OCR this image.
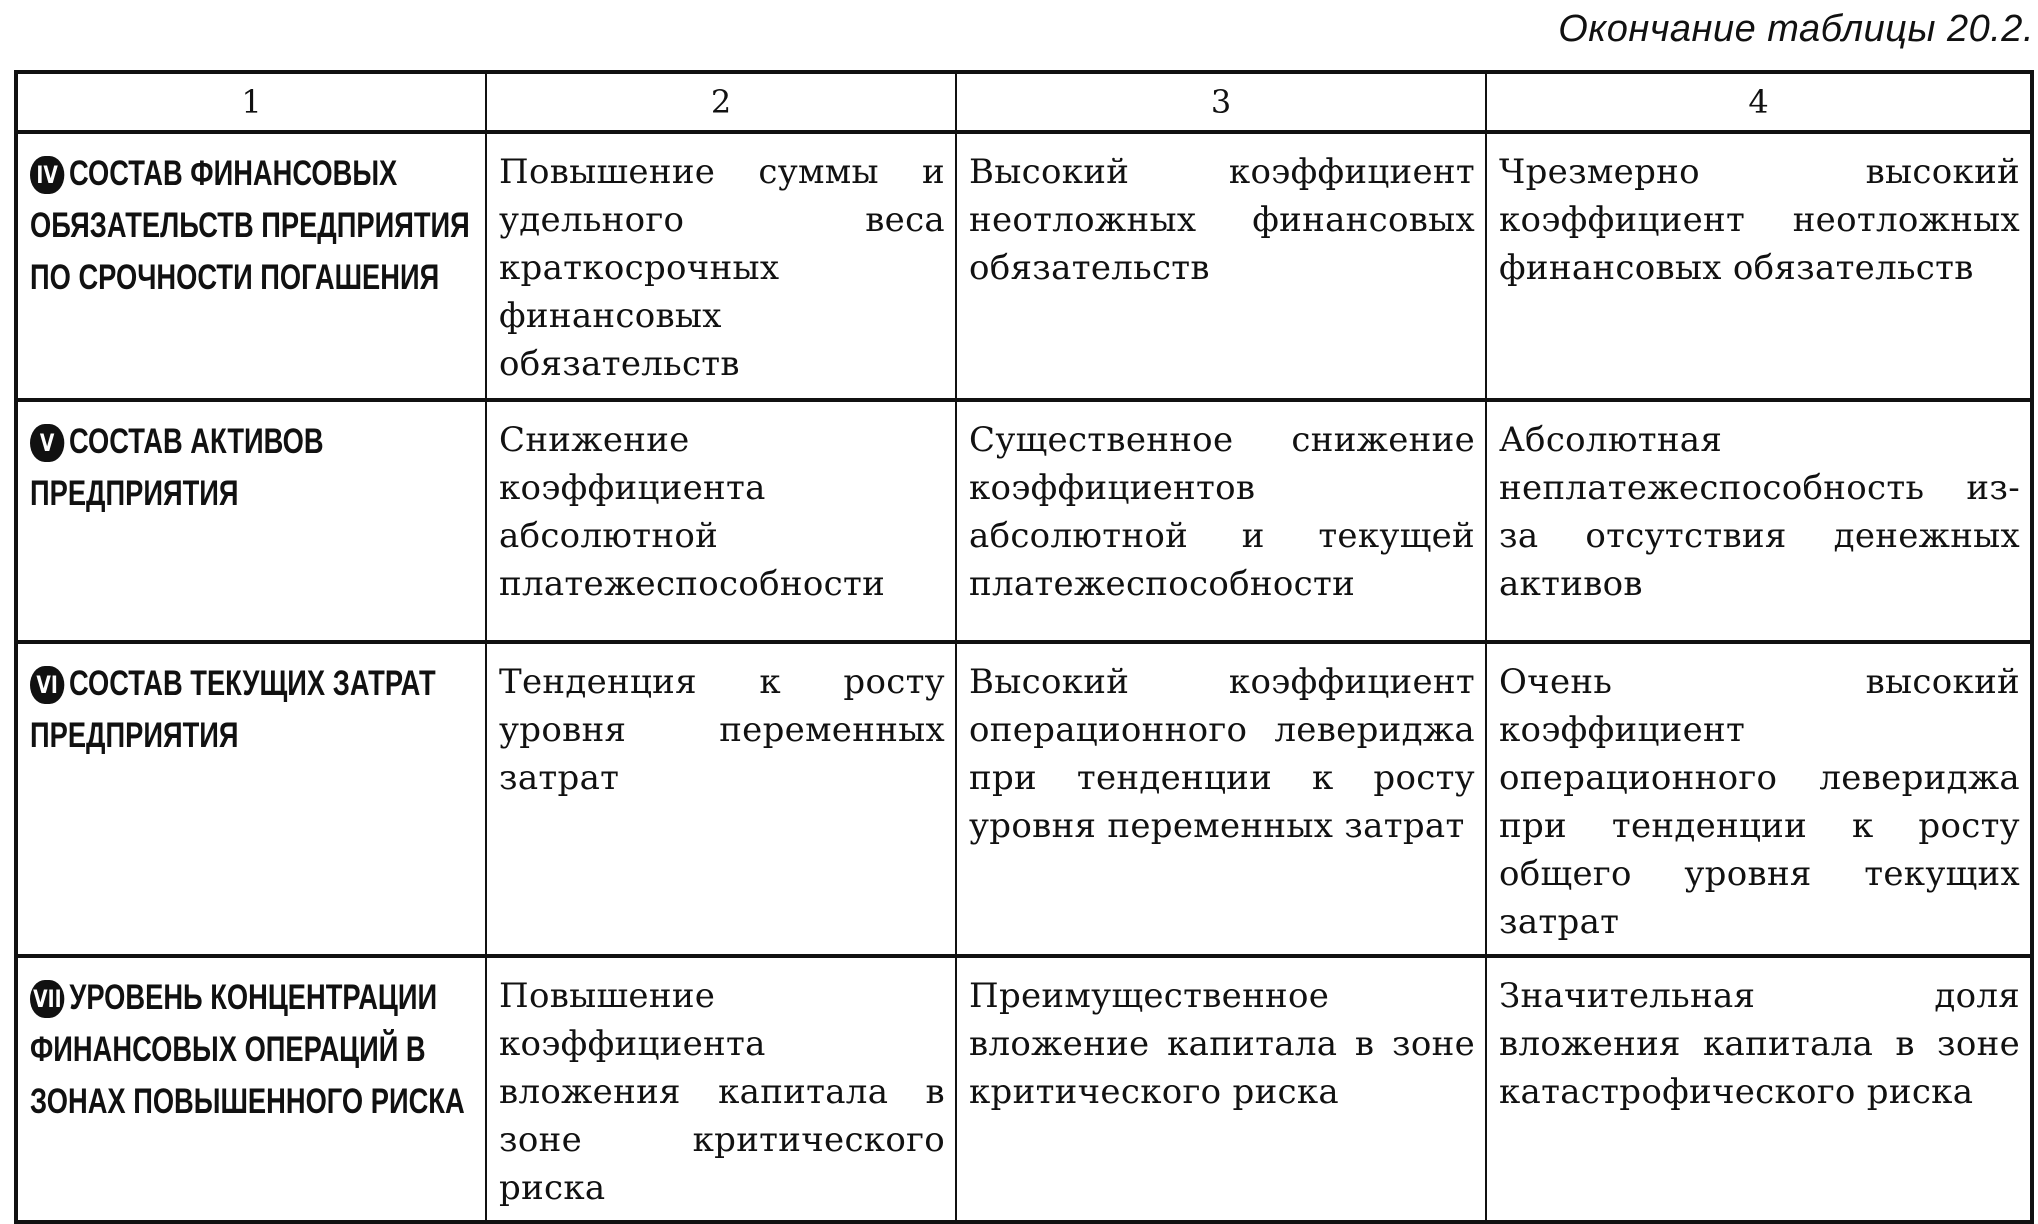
Окончание таблицы 20.2.
1	2	3	4

IV СОСТАВ ФИНАНСОВЫХ ОБЯЗАТЕЛЬСТВ ПРЕДПРИЯТИЯ ПО СРОЧНОСТИ ПОГАШЕНИЯ	Повышение суммы и удельного веса краткосрочных финансовых обязательств	Высокий коэффициент неотложных финансовых обязательств	Чрезмерно высокий коэффициент неотложных финансовых обязательств

V СОСТАВ АКТИВОВ ПРЕДПРИЯТИЯ	Снижение коэффициента абсолютной платежеспособности	Существенное снижение коэффициентов абсолютной и текущей платежеспособности	Абсолютная неплатежеспособность из-за отсутствия денежных активов

VI СОСТАВ ТЕКУЩИХ ЗАТРАТ ПРЕДПРИЯТИЯ	Тенденция к росту уровня переменных затрат	Высокий коэффициент операционного левериджа при тенденции к росту уровня переменных затрат	Очень высокий коэффициент операционного левериджа при тенденции к росту общего уровня текущих затрат

VII УРОВЕНЬ КОНЦЕНТРАЦИИ ФИНАНСОВЫХ ОПЕРАЦИЙ В ЗОНАХ ПОВЫШЕННОГО РИСКА	Повышение коэффициента вложения капитала в зоне критического риска	Преимущественное вложение капитала в зоне критического риска	Значительная доля вложения капитала в зоне катастрофического риска
